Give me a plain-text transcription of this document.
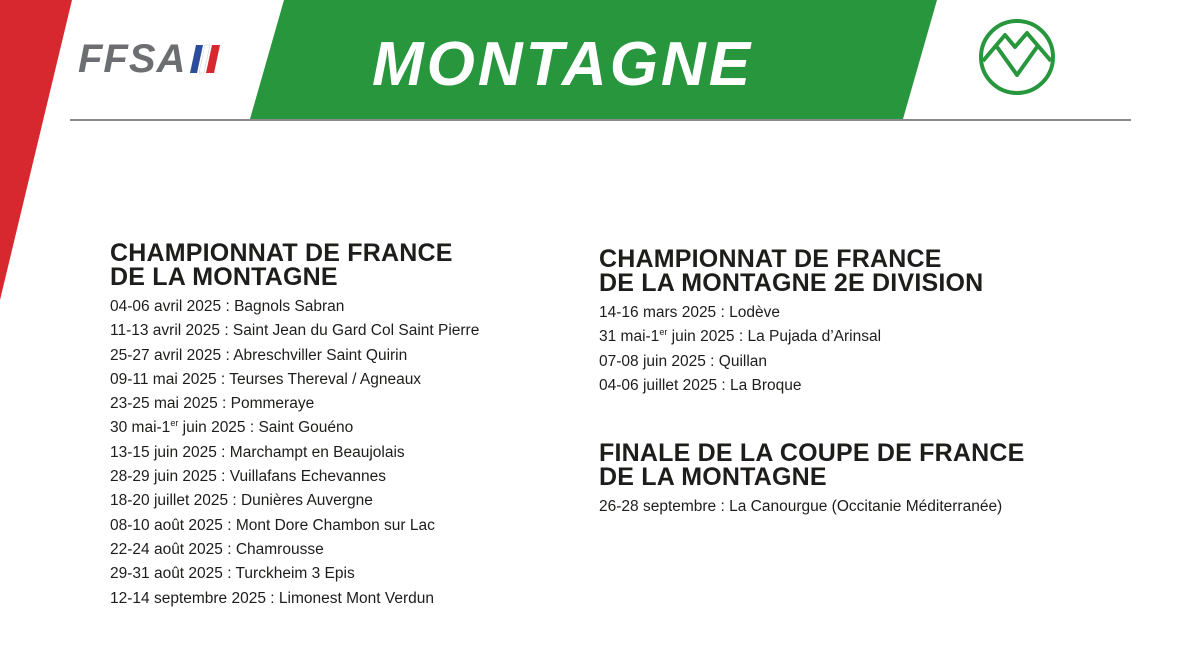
FFSA	MONTAGNE
CHAMPIONNAT DE FRANCE
DE LA MONTAGNE
04-06 avril 2025 : Bagnols Sabran
11-13 avril 2025 : Saint Jean du Gard Col Saint Pierre
25-27 avril 2025 : Abreschviller Saint Quirin
09-11 mai 2025 : Teurses Thereval / Agneaux
23-25 mai 2025 : Pommeraye
30 mai-1er juin 2025 : Saint Gouéno
13-15 juin 2025 : Marchampt en Beaujolais
28-29 juin 2025 : Vuillafans Echevannes
18-20 juillet 2025 : Dunières Auvergne
08-10 août 2025 : Mont Dore Chambon sur Lac
22-24 août 2025 : Chamrousse
29-31 août 2025 : Turckheim 3 Epis
12-14 septembre 2025 : Limonest Mont Verdun
CHAMPIONNAT DE FRANCE
DE LA MONTAGNE 2E DIVISION
14-16 mars 2025 : Lodève
31 mai-1er juin 2025 : La Pujada d’Arinsal
07-08 juin 2025 : Quillan
04-06 juillet 2025 : La Broque
FINALE DE LA COUPE DE FRANCE
DE LA MONTAGNE
26-28 septembre : La Canourgue (Occitanie Méditerranée)
